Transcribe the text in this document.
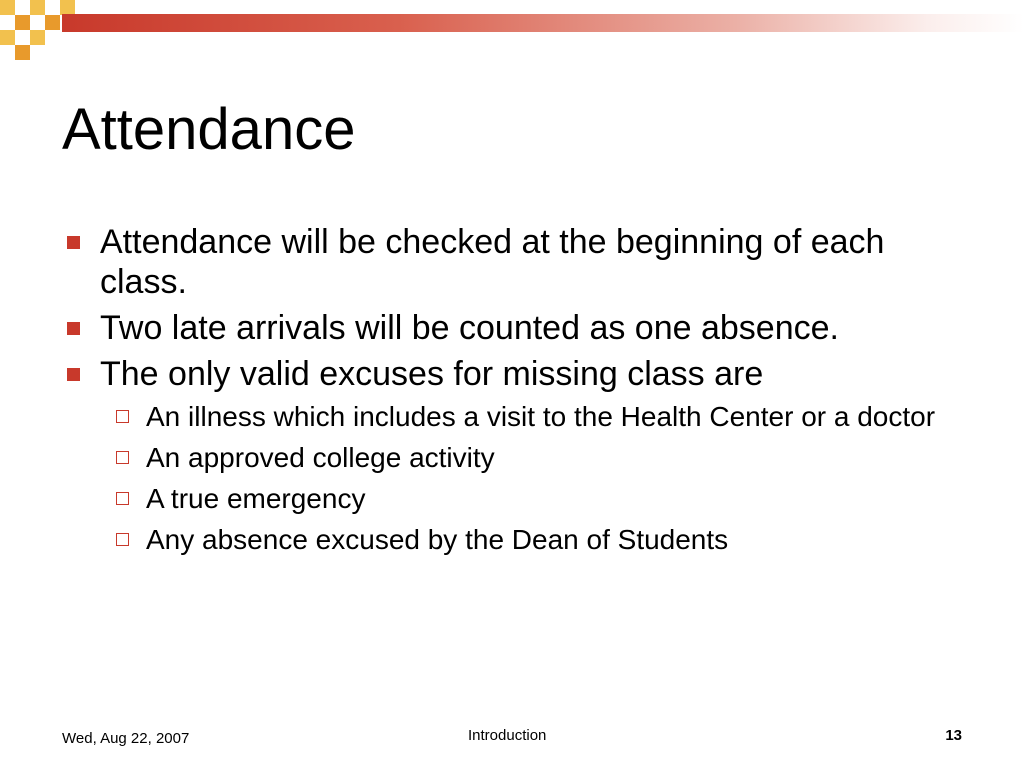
Attendance
Attendance will be checked at the beginning of each class.
Two late arrivals will be counted as one absence.
The only valid excuses for missing class are
An illness which includes a visit to the Health Center or a doctor
An approved college activity
A true emergency
Any absence excused by the Dean of Students
Wed, Aug 22, 2007	Introduction	13
